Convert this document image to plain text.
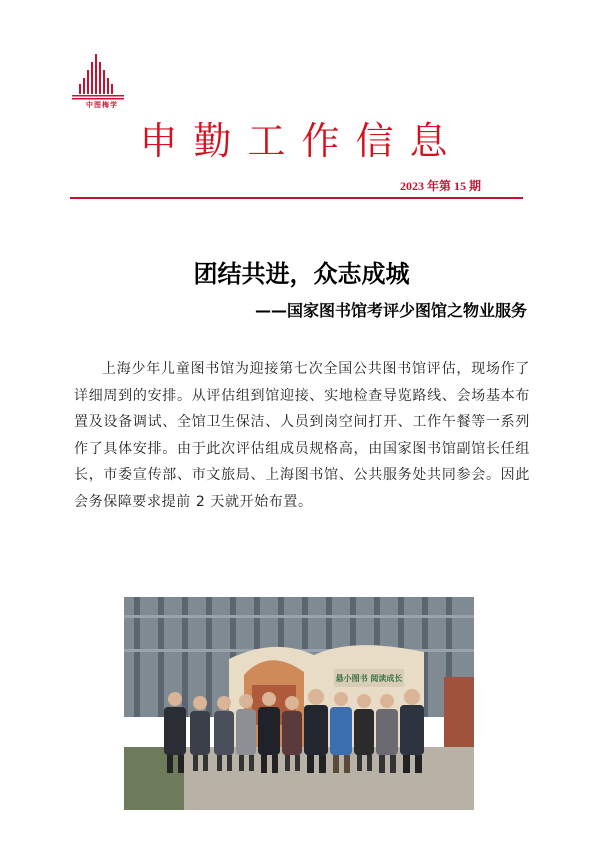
中图梅学
申勤工作信息
2023 年第 15 期
团结共进，众志成城
——国家图书馆考评少图馆之物业服务
上海少年儿童图书馆为迎接第七次全国公共图书馆评估，现场作了详细周到的安排。从评估组到馆迎接、实地检查导览路线、会场基本布置及设备调试、全馆卫生保洁、人员到岗空间打开、工作午餐等一系列作了具体安排。由于此次评估组成员规格高，由国家图书馆副馆长任组长，市委宣传部、市文旅局、上海图书馆、公共服务处共同参会。因此会务保障要求提前 2 天就开始布置。
悬小图书 阅读成长
